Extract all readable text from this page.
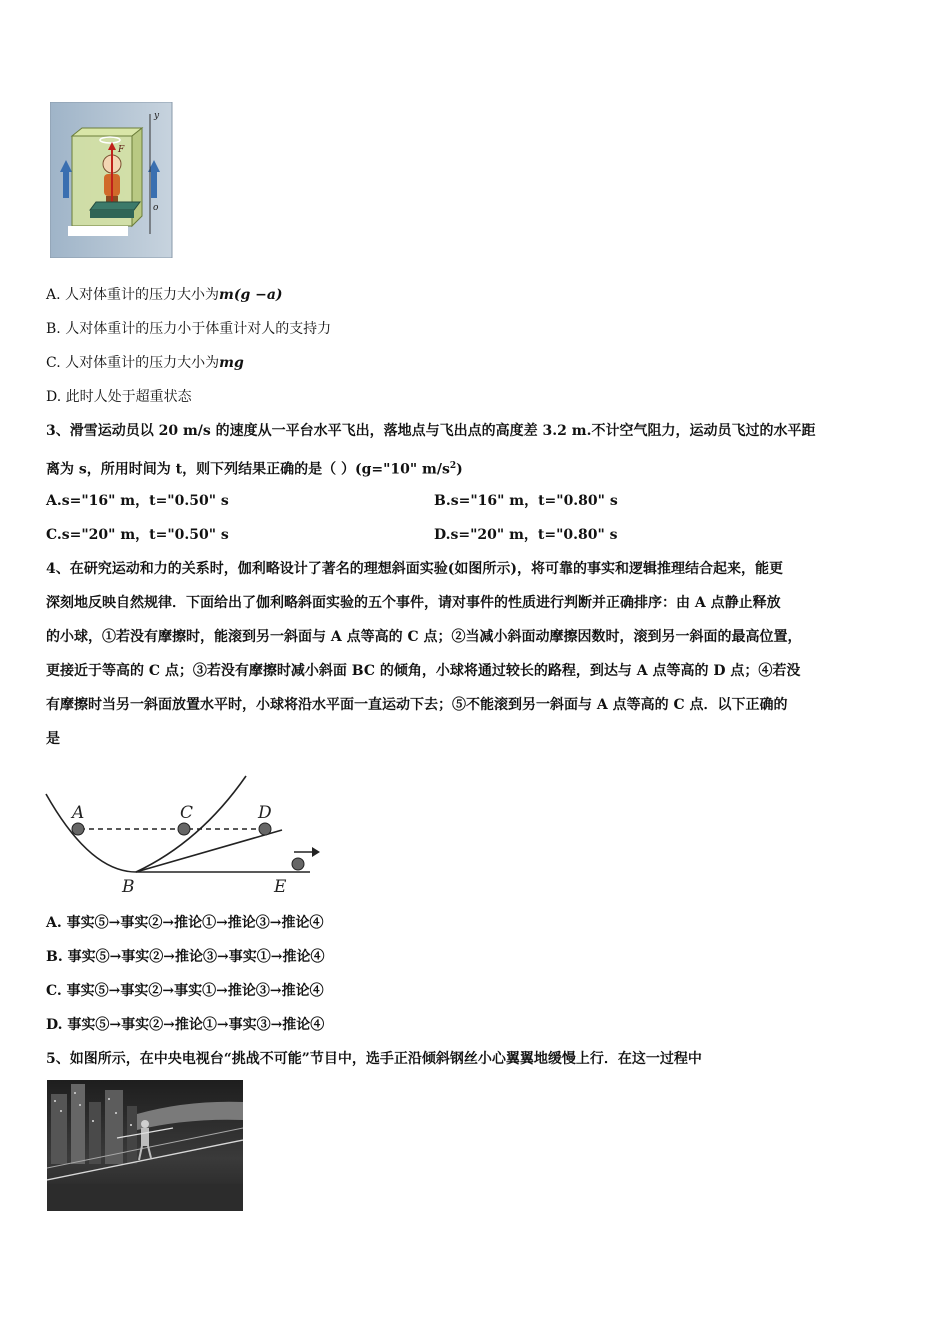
F
y
o
A. 人对体重计的压力大小为m(g −a)
B. 人对体重计的压力小于体重计对人的支持力
C. 人对体重计的压力大小为mg
D. 此时人处于超重状态
3、滑雪运动员以 20 m/s 的速度从一平台水平飞出，落地点与飞出点的高度差 3.2 m.不计空气阻力，运动员飞过的水平距
离为 s，所用时间为 t，则下列结果正确的是（ ）(g="10" $m/s^2$)
A.s="16" m，t="0.50" s	B.s="16" m，t="0.80" s
C.s="20" m，t="0.50" s	D.s="20" m，t="0.80" s
4、在研究运动和力的关系时，伽利略设计了著名的理想斜面实验(如图所示)，将可靠的事实和逻辑推理结合起来，能更
深刻地反映自然规律．下面给出了伽利略斜面实验的五个事件，请对事件的性质进行判断并正确排序：由 A 点静止释放
的小球，①若没有摩擦时，能滚到另一斜面与 A 点等高的 C 点；②当减小斜面动摩擦因数时，滚到另一斜面的最高位置，
更接近于等高的 C 点；③若没有摩擦时减小斜面 BC 的倾角，小球将通过较长的路程，到达与 A 点等高的 D 点；④若没
有摩擦时当另一斜面放置水平时，小球将沿水平面一直运动下去；⑤不能滚到另一斜面与 A 点等高的 C 点．以下正确的
是
A	C	D
B	E
A. 事实⑤→事实②→推论①→推论③→推论④
B. 事实⑤→事实②→推论③→事实①→推论④
C. 事实⑤→事实②→事实①→推论③→推论④
D. 事实⑤→事实②→推论①→事实③→推论④
5、如图所示，在中央电视台“挑战不可能”节目中，选手正沿倾斜钢丝小心翼翼地缓慢上行．在这一过程中
